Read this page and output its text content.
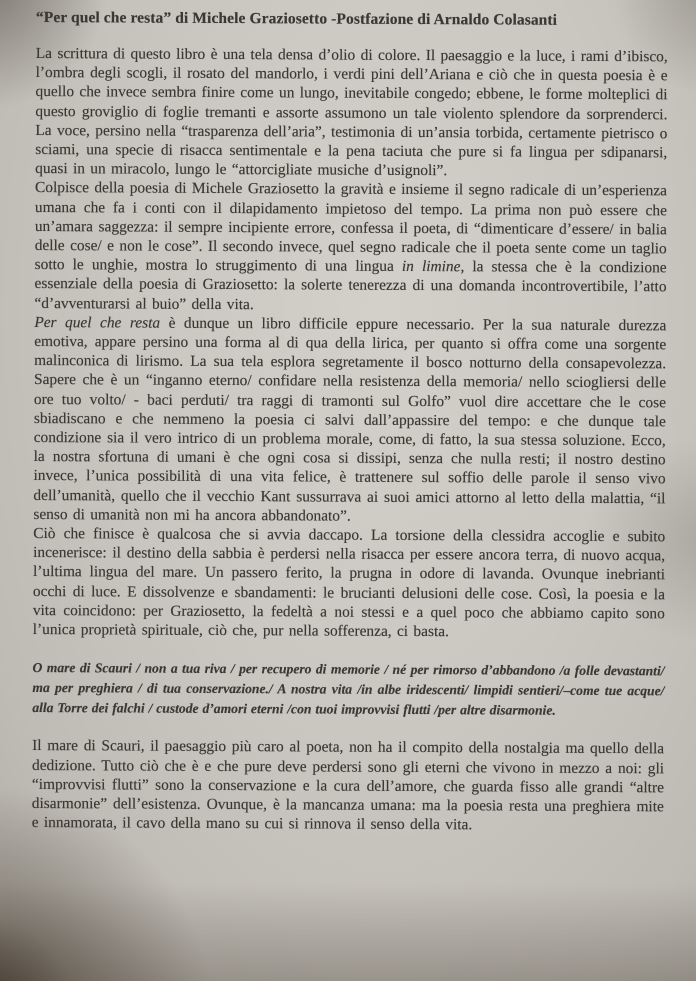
“Per quel che resta” di Michele Graziosetto -Postfazione di Arnaldo Colasanti

La scrittura di questo libro è una tela densa d’olio di colore. Il paesaggio e la luce, i rami d’ibisco, l’ombra degli scogli, il rosato del mandorlo, i verdi pini dell’Ariana e ciò che in questa poesia è e quello che invece sembra finire come un lungo, inevitabile congedo; ebbene, le forme molteplici di questo groviglio di foglie tremanti e assorte assumono un tale violento splendore da sorprenderci. La voce, persino nella “trasparenza dell’aria”, testimonia di un’ansia torbida, certamente pietrisco o sciami, una specie di risacca sentimentale e la pena taciuta che pure si fa lingua per sdipanarsi, quasi in un miracolo, lungo le “attorcigliate musiche d’usignoli”.

Colpisce della poesia di Michele Graziosetto la gravità e insieme il segno radicale di un’esperienza umana che fa i conti con il dilapidamento impietoso del tempo. La prima non può essere che un’amara saggezza: il sempre incipiente errore, confessa il poeta, di “dimenticare d’essere/ in balia delle cose/ e non le cose”. Il secondo invece, quel segno radicale che il poeta sente come un taglio sotto le unghie, mostra lo struggimento di una lingua in limine, la stessa che è la condizione essenziale della poesia di Graziosetto: la solerte tenerezza di una domanda incontrovertibile, l’atto “d’avventurarsi al buio” della vita.

Per quel che resta è dunque un libro difficile eppure necessario. Per la sua naturale durezza emotiva, appare persino una forma al di qua della lirica, per quanto si offra come una sorgente malinconica di lirismo. La sua tela esplora segretamente il bosco notturno della consapevolezza. Sapere che è un “inganno eterno/ confidare nella resistenza della memoria/ nello sciogliersi delle ore tuo volto/ - baci perduti/ tra raggi di tramonti sul Golfo” vuol dire accettare che le cose sbiadiscano e che nemmeno la poesia ci salvi dall’appassire del tempo: e che dunque tale condizione sia il vero intrico di un problema morale, come, di fatto, la sua stessa soluzione. Ecco, la nostra sfortuna di umani è che ogni cosa si dissipi, senza che nulla resti; il nostro destino invece, l’unica possibilità di una vita felice, è trattenere sul soffio delle parole il senso vivo dell’umanità, quello che il vecchio Kant sussurrava ai suoi amici attorno al letto della malattia, “il senso di umanità non mi ha ancora abbandonato”.

Ciò che finisce è qualcosa che si avvia daccapo. La torsione della clessidra accoglie e subito incenerisce: il destino della sabbia è perdersi nella risacca per essere ancora terra, di nuovo acqua, l’ultima lingua del mare. Un passero ferito, la prugna in odore di lavanda. Ovunque inebrianti occhi di luce. E dissolvenze e sbandamenti: le brucianti delusioni delle cose. Così, la poesia e la vita coincidono: per Graziosetto, la fedeltà a noi stessi e a quel poco che abbiamo capito sono l’unica proprietà spirituale, ciò che, pur nella sofferenza, ci basta.

O mare di Scauri / non a tua riva / per recupero di memorie / né per rimorso d’abbandono /a folle devastanti/ ma per preghiera / di tua conservazione./ A nostra vita /in albe iridescenti/ limpidi sentieri/–come tue acque/ alla Torre dei falchi / custode d’amori eterni /con tuoi improvvisi flutti /per altre disarmonie.

Il mare di Scauri, il paesaggio più caro al poeta, non ha il compito della nostalgia ma quello della dedizione. Tutto ciò che è e che pure deve perdersi sono gli eterni che vivono in mezzo a noi: gli “improvvisi flutti” sono la conservazione e la cura dell’amore, che guarda fisso alle grandi “altre disarmonie” dell’esistenza. Ovunque, è la mancanza umana: ma la poesia resta una preghiera mite e innamorata, il cavo della mano su cui si rinnova il senso della vita.
